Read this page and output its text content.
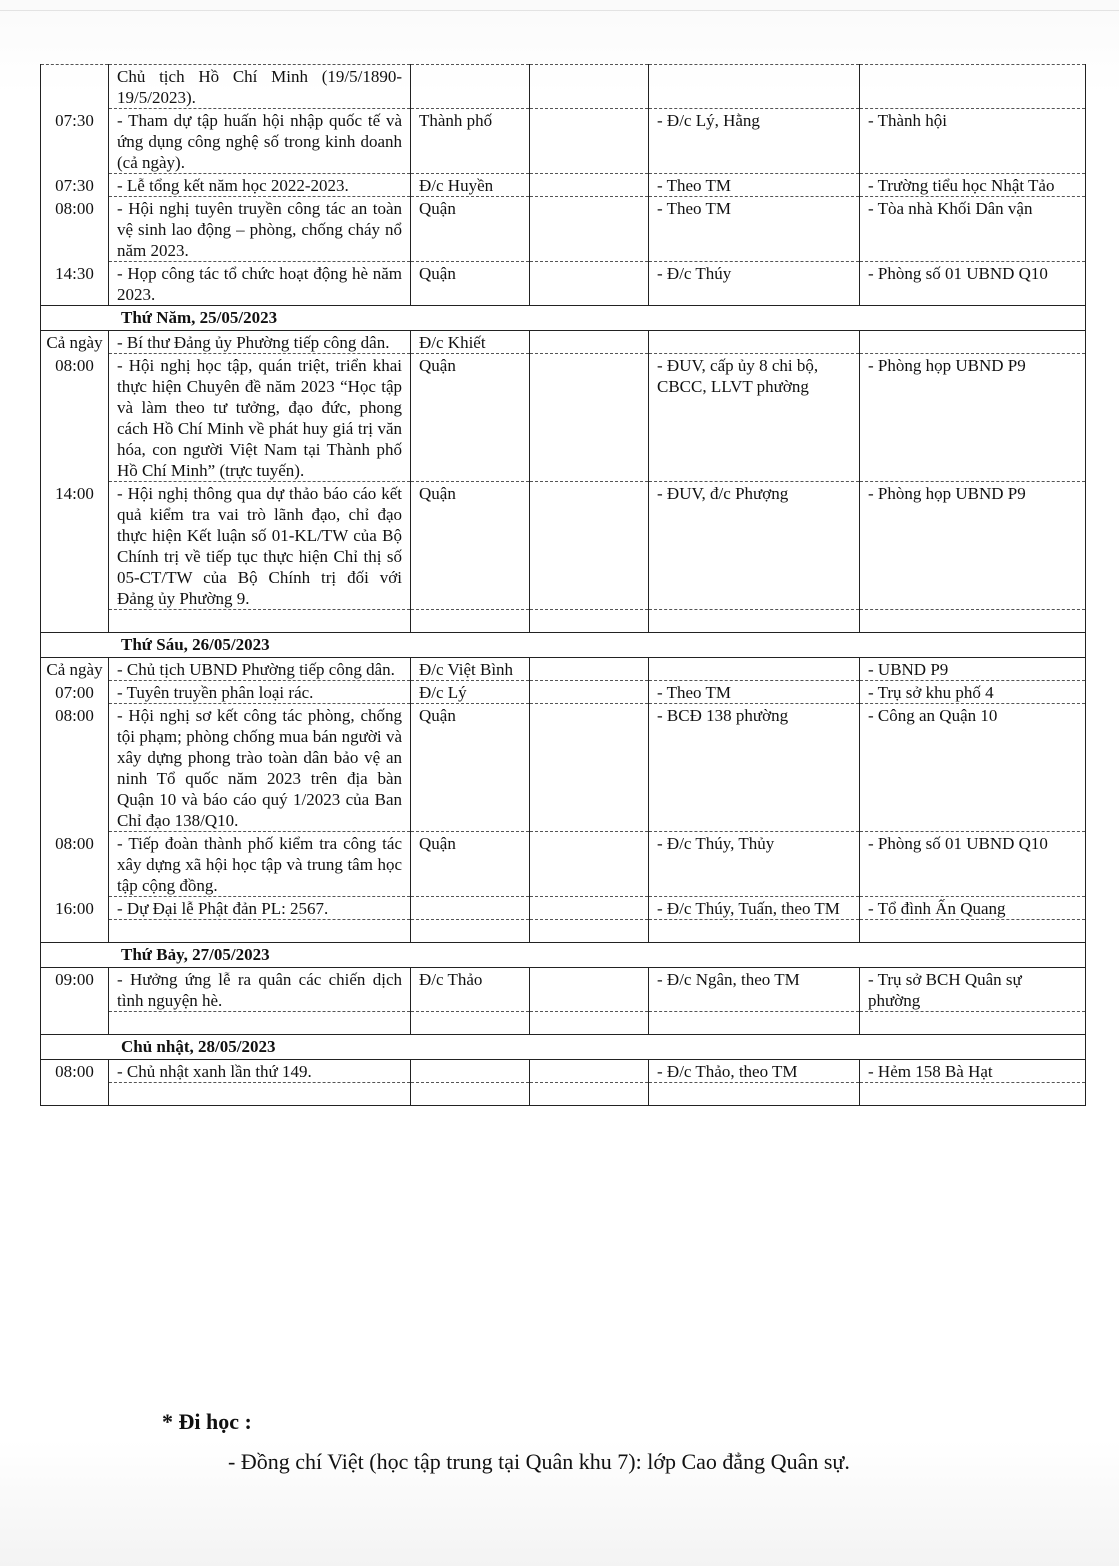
	Chủ tịch Hồ Chí Minh (19/5/1890-19/5/2023).				
07:30	- Tham dự tập huấn hội nhập quốc tế và ứng dụng công nghệ số trong kinh doanh (cả ngày).	Thành phố		- Đ/c Lý, Hằng	- Thành hội
07:30	- Lễ tổng kết năm học 2022-2023.	Đ/c Huyền		- Theo TM	- Trường tiểu học Nhật Tảo
08:00	- Hội nghị tuyên truyền công tác an toàn vệ sinh lao động – phòng, chống cháy nổ năm 2023.	Quận		- Theo TM	- Tòa nhà Khối Dân vận
14:30	- Họp công tác tổ chức hoạt động hè năm 2023.	Quận		- Đ/c Thúy	- Phòng số 01 UBND Q10
Thứ Năm, 25/05/2023					
Cả ngày	- Bí thư Đảng ủy Phường tiếp công dân.	Đ/c Khiết			
08:00	- Hội nghị học tập, quán triệt, triển khai thực hiện Chuyên đề năm 2023 “Học tập và làm theo tư tưởng, đạo đức, phong cách Hồ Chí Minh về phát huy giá trị văn hóa, con người Việt Nam tại Thành phố Hồ Chí Minh” (trực tuyến).	Quận		- ĐUV, cấp ủy 8 chi bộ, CBCC, LLVT phường	- Phòng họp UBND P9
14:00	- Hội nghị thông qua dự thảo báo cáo kết quả kiểm tra vai trò lãnh đạo, chỉ đạo thực hiện Kết luận số 01-KL/TW của Bộ Chính trị về tiếp tục thực hiện Chỉ thị số 05-CT/TW của Bộ Chính trị đối với Đảng ủy Phường 9.	Quận		- ĐUV, đ/c Phượng	- Phòng họp UBND P9

Thứ Sáu, 26/05/2023					
Cả ngày	- Chủ tịch UBND Phường tiếp công dân.	Đ/c Việt Bình			- UBND P9
07:00	- Tuyên truyền phân loại rác.	Đ/c Lý		- Theo TM	- Trụ sở khu phố 4
08:00	- Hội nghị sơ kết công tác phòng, chống tội phạm; phòng chống mua bán người và xây dựng phong trào toàn dân bảo vệ an ninh Tổ quốc năm 2023 trên địa bàn Quận 10 và báo cáo quý 1/2023 của Ban Chỉ đạo 138/Q10.	Quận		- BCĐ 138 phường	- Công an Quận 10
08:00	- Tiếp đoàn thành phố kiểm tra công tác xây dựng xã hội học tập và trung tâm học tập cộng đồng.	Quận		- Đ/c Thúy, Thủy	- Phòng số 01 UBND Q10
16:00	- Dự Đại lễ Phật đản PL: 2567.			- Đ/c Thúy, Tuấn, theo TM	- Tổ đình Ấn Quang

Thứ Bảy, 27/05/2023					
09:00	- Hưởng ứng lễ ra quân các chiến dịch tình nguyện hè.	Đ/c Thảo		- Đ/c Ngân, theo TM	- Trụ sở BCH Quân sự phường

Chủ nhật, 28/05/2023					
08:00	- Chủ nhật xanh lần thứ 149.			- Đ/c Thảo, theo TM	- Hẻm 158 Bà Hạt

* Đi học :
- Đồng chí Việt (học tập trung tại Quân khu 7): lớp Cao đẳng Quân sự.
